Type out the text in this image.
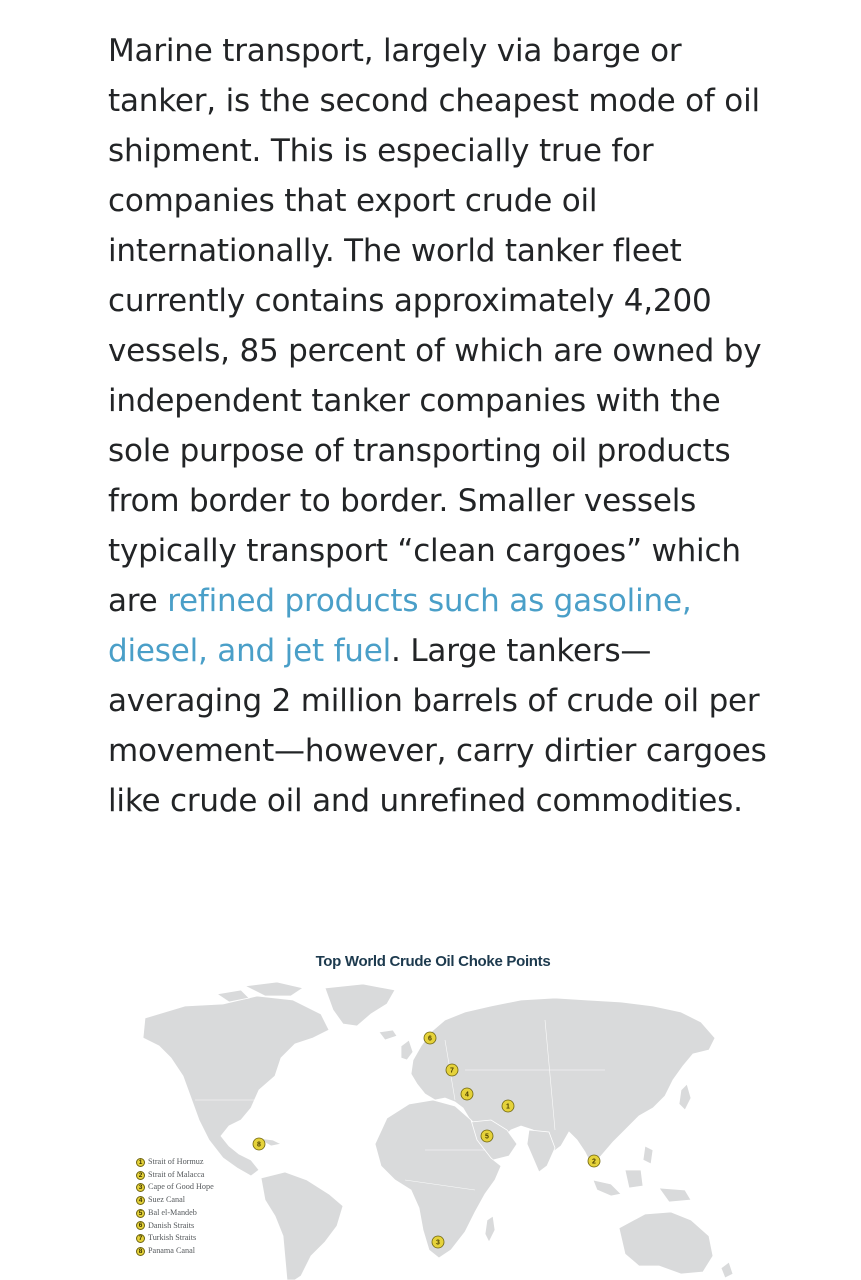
Marine transport, largely via barge or tanker, is the second cheapest mode of oil shipment. This is especially true for companies that export crude oil internationally. The world tanker fleet currently contains approximately 4,200 vessels, 85 percent of which are owned by independent tanker companies with the sole purpose of transporting oil products from border to border. Smaller vessels typically transport “clean cargoes” which are refined products such as gasoline, diesel, and jet fuel. Large tankers—averaging 2 million barrels of crude oil per movement—however, carry dirtier cargoes like crude oil and unrefined commodities.

Top World Crude Oil Choke Points
6
7
4
1
5
8
2
3
1 Strait of Hormuz
2 Strait of Malacca
3 Cape of Good Hope
4 Suez Canal
5 Bal el-Mandeb
6 Danish Straits
7 Turkish Straits
8 Panama Canal
